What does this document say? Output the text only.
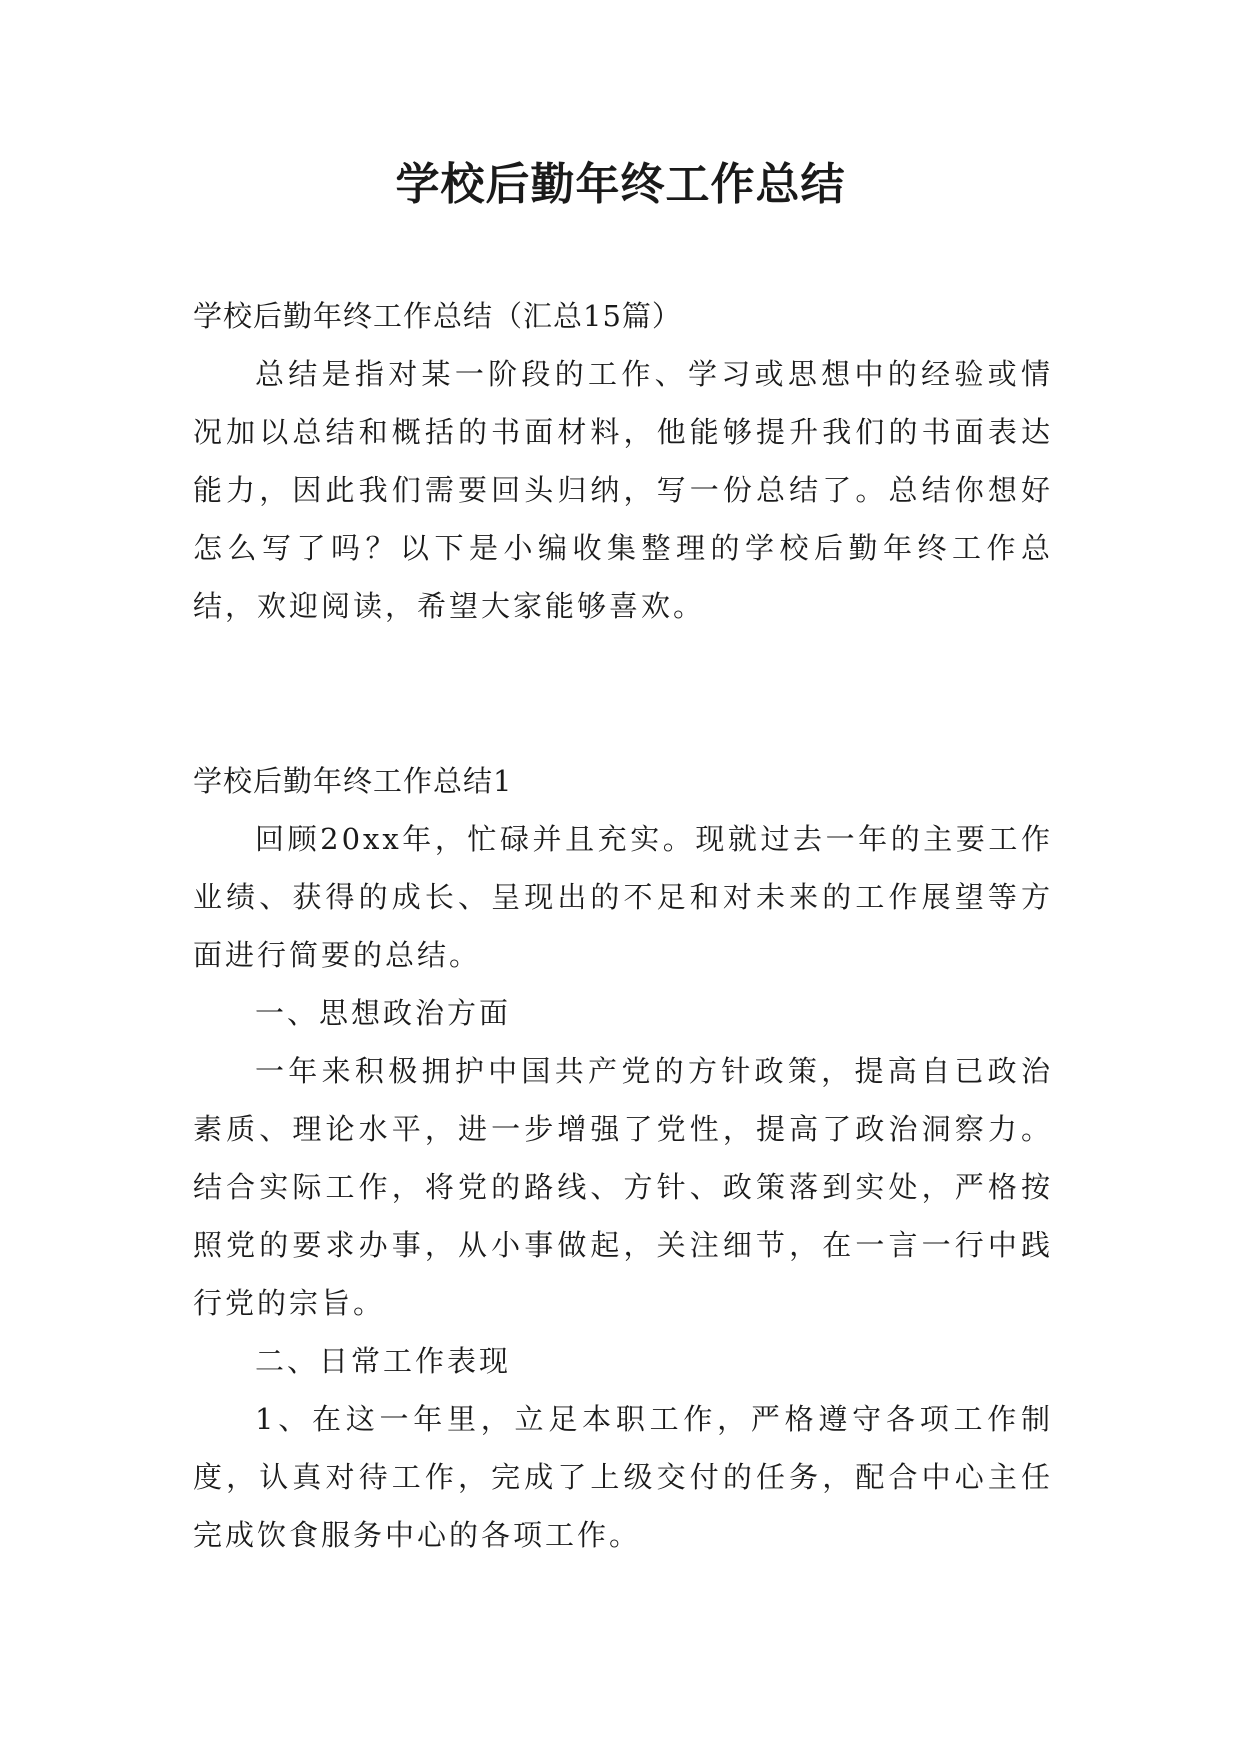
学校后勤年终工作总结

学校后勤年终工作总结（汇总15篇）

总结是指对某一阶段的工作、学习或思想中的经验或情况加以总结和概括的书面材料，他能够提升我们的书面表达能力，因此我们需要回头归纳，写一份总结了。总结你想好怎么写了吗？以下是小编收集整理的学校后勤年终工作总结，欢迎阅读，希望大家能够喜欢。

学校后勤年终工作总结1

回顾20xx年，忙碌并且充实。现就过去一年的主要工作业绩、获得的成长、呈现出的不足和对未来的工作展望等方面进行简要的总结。

一、思想政治方面

一年来积极拥护中国共产党的方针政策，提高自已政治素质、理论水平，进一步增强了党性，提高了政治洞察力。结合实际工作，将党的路线、方针、政策落到实处，严格按照党的要求办事，从小事做起，关注细节，在一言一行中践行党的宗旨。

二、日常工作表现

1、在这一年里，立足本职工作，严格遵守各项工作制度，认真对待工作，完成了上级交付的任务，配合中心主任完成饮食服务中心的各项工作。
